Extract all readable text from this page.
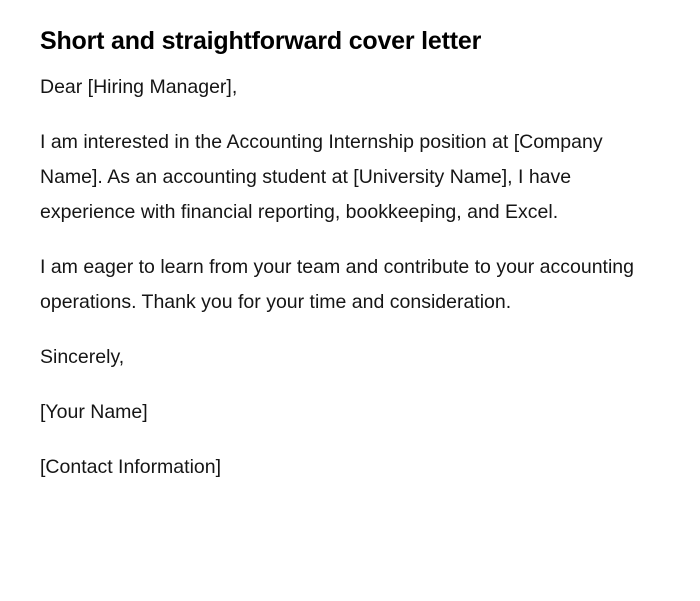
Short and straightforward cover letter

Dear [Hiring Manager],

I am interested in the Accounting Internship position at [Company Name]. As an accounting student at [University Name], I have experience with financial reporting, bookkeeping, and Excel.

I am eager to learn from your team and contribute to your accounting operations. Thank you for your time and consideration.

Sincerely,

[Your Name]

[Contact Information]
